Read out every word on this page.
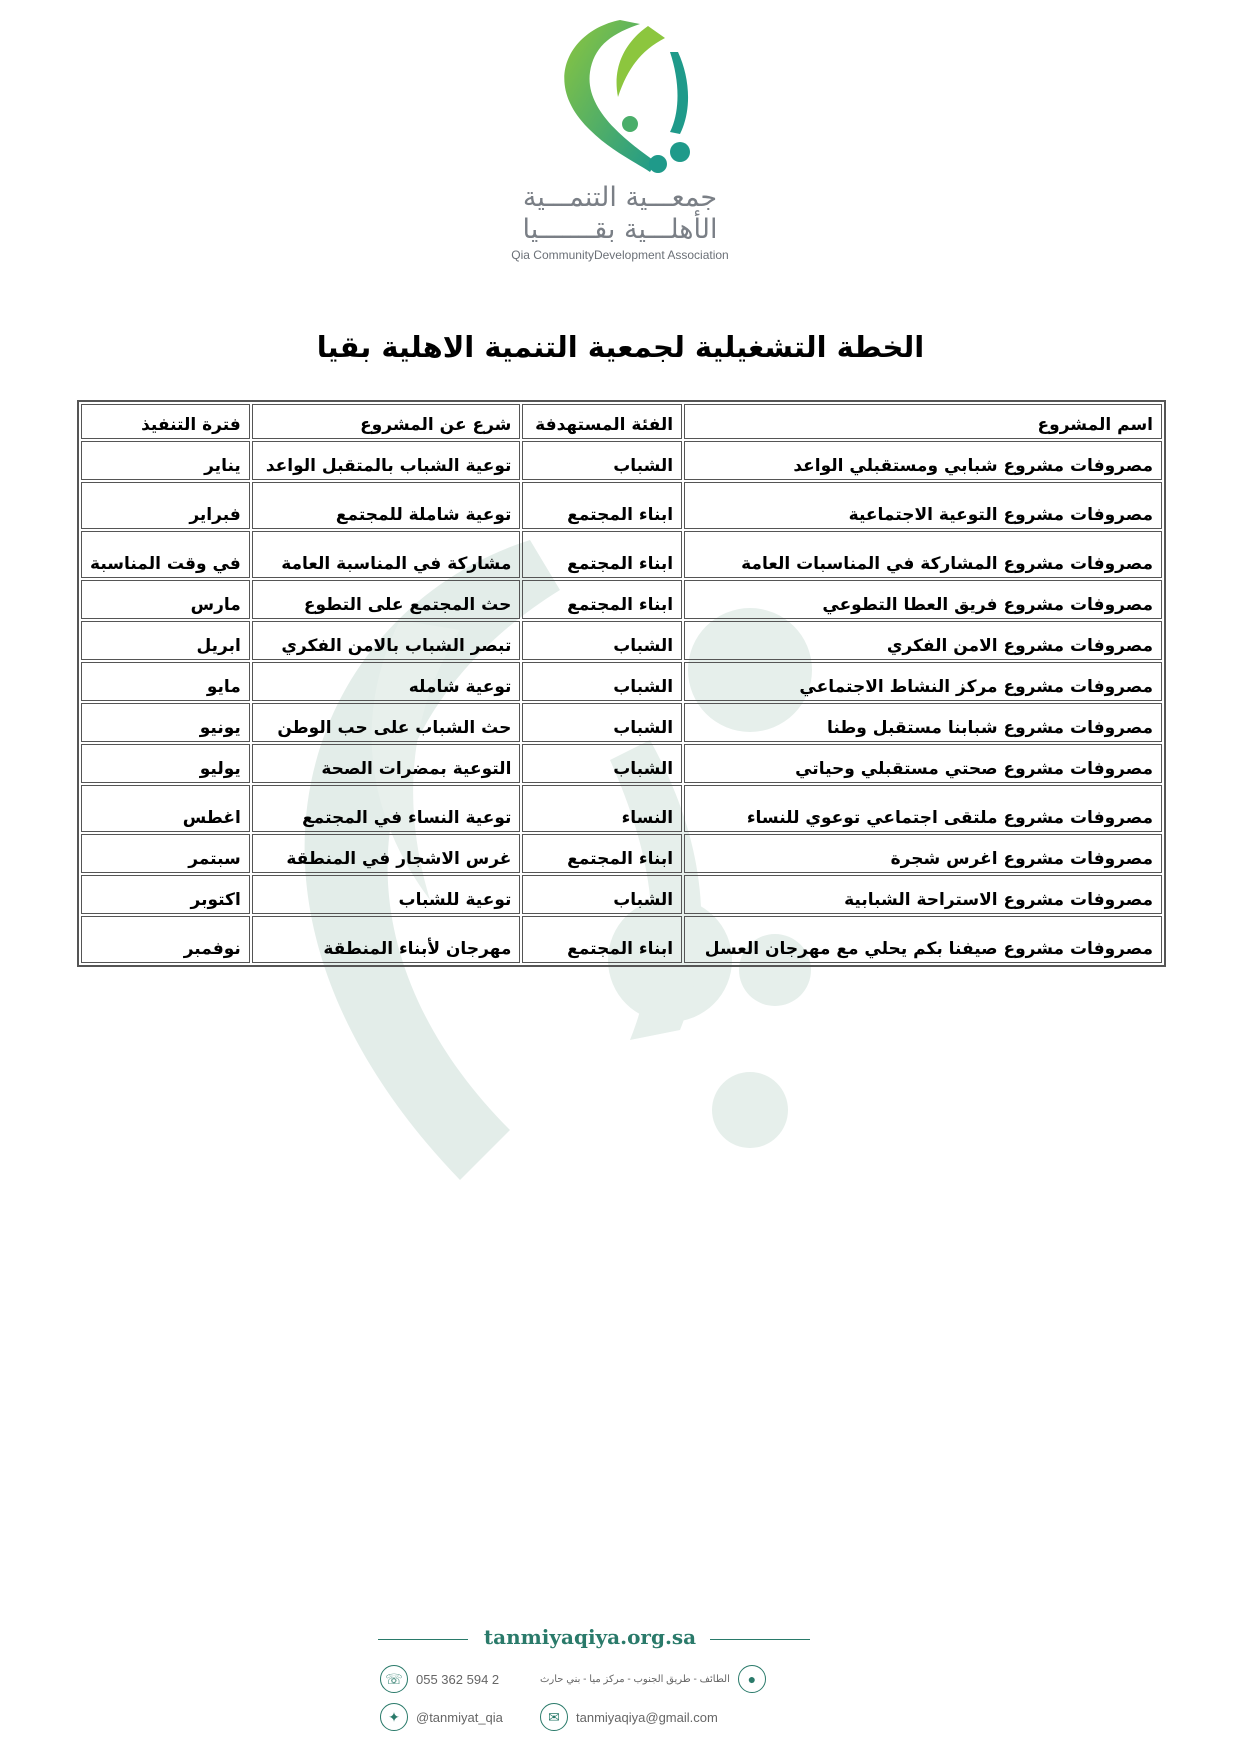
جمعـــية التنمـــية
الأهلـــية بقـــــــيا
Qia CommunityDevelopment Association
الخطة التشغيلية لجمعية التنمية الاهلية بقيا
اسم المشروع	الفئة المستهدفة	شرع عن المشروع	فترة التنفيذ
مصروفات مشروع شبابي ومستقبلي الواعد	الشباب	توعية الشباب بالمتقبل الواعد	يناير
مصروفات مشروع التوعية الاجتماعية	ابناء المجتمع	توعية شاملة للمجتمع	فبراير
مصروفات مشروع المشاركة في المناسبات العامة	ابناء المجتمع	مشاركة في المناسبة العامة	في وقت المناسبة
مصروفات مشروع فريق العطا التطوعي	ابناء المجتمع	حث المجتمع على التطوع	مارس
مصروفات مشروع الامن الفكري	الشباب	تبصر الشباب بالامن الفكري	ابريل
مصروفات مشروع مركز النشاط الاجتماعي	الشباب	توعية شامله	مايو
مصروفات مشروع شبابنا مستقبل وطنا	الشباب	حث الشباب على حب الوطن	يونيو
مصروفات مشروع صحتي مستقبلي وحياتي	الشباب	التوعية بمضرات الصحة	يوليو
مصروفات مشروع ملتقى اجتماعي توعوي للنساء	النساء	توعية النساء في المجتمع	اغطس
مصروفات مشروع اغرس شجرة	ابناء المجتمع	غرس الاشجار في المنطقة	سبتمر
مصروفات مشروع الاستراحة الشبابية	الشباب	توعية للشباب	اكتوبر
مصروفات مشروع صيفنا بكم يحلي مع مهرجان العسل	ابناء المجتمع	مهرجان لأبناء المنطقة	نوفمبر
tanmiyaqiya.org.sa
☏	055 362 594 2	●
الطائف - طريق الجنوب - مركز ميا - بني حارث
✦	@tanmiyat_qia	✉	tanmiyaqiya@gmail.com
